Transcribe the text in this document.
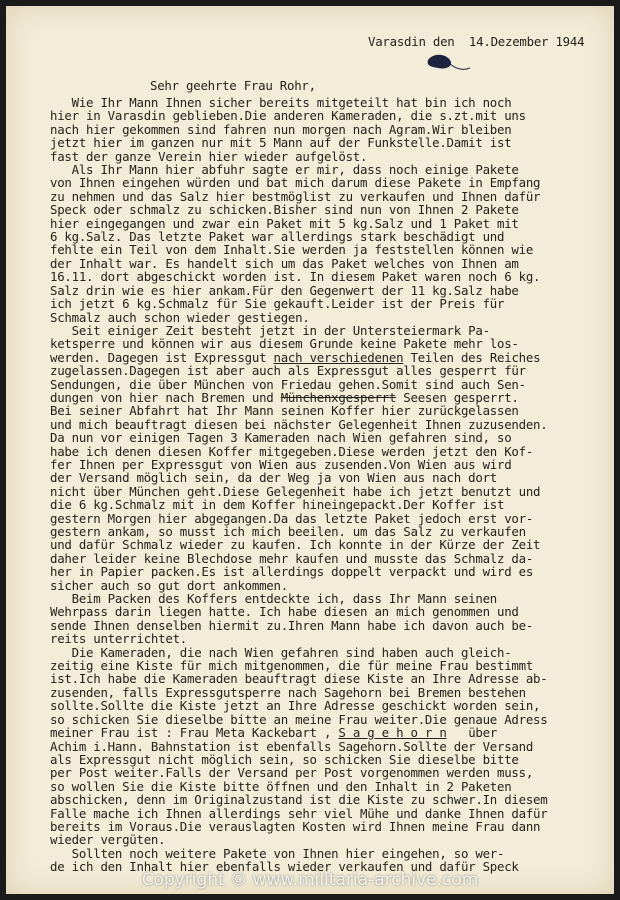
Varasdin den  14.Dezember 1944
Sehr geehrte Frau Rohr,
Wie Ihr Mann Ihnen sicher bereits mitgeteilt hat bin ich noch
hier in Varasdin geblieben.Die anderen Kameraden, die s.zt.mit uns
nach hier gekommen sind fahren nun morgen nach Agram.Wir bleiben
jetzt hier im ganzen nur mit 5 Mann auf der Funkstelle.Damit ist
fast der ganze Verein hier wieder aufgelöst.
Als Ihr Mann hier abfuhr sagte er mir, dass noch einige Pakete
von Ihnen eingehen würden und bat mich darum diese Pakete in Empfang
zu nehmen und das Salz hier bestmöglist zu verkaufen und Ihnen dafür
Speck oder schmalz zu schicken.Bisher sind nun von Ihnen 2 Pakete
hier eingegangen und zwar ein Paket mit 5 kg.Salz und 1 Paket mit
6 kg.Salz. Das letzte Paket war allerdings stark beschädigt und
fehlte ein Teil von dem Inhalt.Sie werden ja feststellen können wie
der Inhalt war. Es handelt sich um das Paket welches von Ihnen am
16.11. dort abgeschickt worden ist. In diesem Paket waren noch 6 kg.
Salz drin wie es hier ankam.Für den Gegenwert der 11 kg.Salz habe
ich jetzt 6 kg.Schmalz für Sie gekauft.Leider ist der Preis für
Schmalz auch schon wieder gestiegen.
Seit einiger Zeit besteht jetzt in der Untersteiermark Pa-
ketsperre und können wir aus diesem Grunde keine Pakete mehr los-
werden. Dagegen ist Expressgut nach verschiedenen Teilen des Reiches
zugelassen.Dagegen ist aber auch als Expressgut alles gesperrt für
Sendungen, die über München von Friedau gehen.Somit sind auch Sen-
dungen von hier nach Bremen und Münchenxgesperrt Seesen gesperrt.
Bei seiner Abfahrt hat Ihr Mann seinen Koffer hier zurückgelassen
und mich beauftragt diesen bei nächster Gelegenheit Ihnen zuzusenden.
Da nun vor einigen Tagen 3 Kameraden nach Wien gefahren sind, so
habe ich denen diesen Koffer mitgegeben.Diese werden jetzt den Kof-
fer Ihnen per Expressgut von Wien aus zusenden.Von Wien aus wird
der Versand möglich sein, da der Weg ja von Wien aus nach dort
nicht über München geht.Diese Gelegenheit habe ich jetzt benutzt und
die 6 kg.Schmalz mit in dem Koffer hineingepackt.Der Koffer ist
gestern Morgen hier abgegangen.Da das letzte Paket jedoch erst vor-
gestern ankam, so musst ich mich beeilen. um das Salz zu verkaufen
und dafür Schmalz wieder zu kaufen. Ich konnte in der Kürze der Zeit
daher leider keine Blechdose mehr kaufen und musste das Schmalz da-
her in Papier packen.Es ist allerdings doppelt verpackt und wird es
sicher auch so gut dort ankommen.
Beim Packen des Koffers entdeckte ich, dass Ihr Mann seinen
Wehrpass darin liegen hatte. Ich habe diesen an mich genommen und
sende Ihnen denselben hiermit zu.Ihren Mann habe ich davon auch be-
reits unterrichtet.
Die Kameraden, die nach Wien gefahren sind haben auch gleich-
zeitig eine Kiste für mich mitgenommen, die für meine Frau bestimmt
ist.Ich habe die Kameraden beauftragt diese Kiste an Ihre Adresse ab-
zusenden, falls Expressgutsperre nach Sagehorn bei Bremen bestehen
sollte.Sollte die Kiste jetzt an Ihre Adresse geschickt worden sein,
so schicken Sie dieselbe bitte an meine Frau weiter.Die genaue Adress
meiner Frau ist : Frau Meta Kackebart , S a g e h o r n   über
Achim i.Hann. Bahnstation ist ebenfalls Sagehorn.Sollte der Versand
als Expressgut nicht möglich sein, so schicken Sie dieselbe bitte
per Post weiter.Falls der Versand per Post vorgenommen werden muss,
so wollen Sie die Kiste bitte öffnen und den Inhalt in 2 Paketen
abschicken, denn im Originalzustand ist die Kiste zu schwer.In diesem
Falle mache ich Ihnen allerdings sehr viel Mühe und danke Ihnen dafür
bereits im Voraus.Die verauslagten Kosten wird Ihnen meine Frau dann
wieder vergüten.
Sollten noch weitere Pakete von Ihnen hier eingehen, so wer-
de ich den Inhalt hier ebenfalls wieder verkaufen und dafür Speck
Copyright © www.militaria-archive.com
